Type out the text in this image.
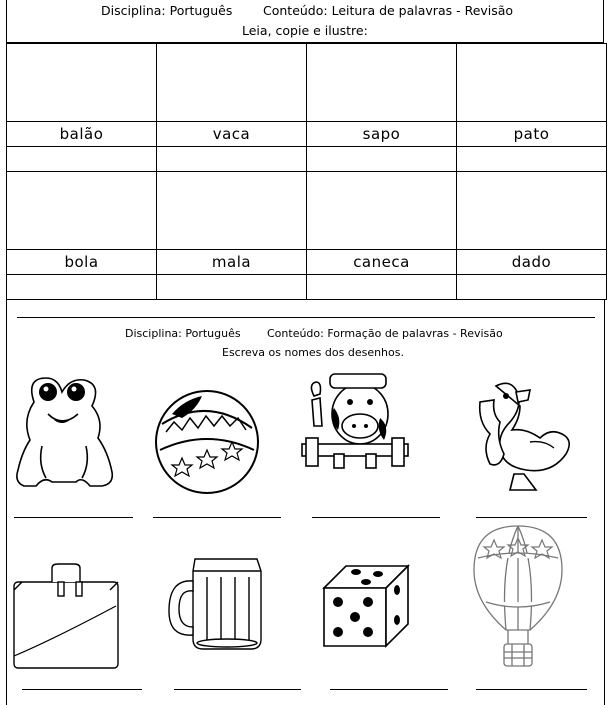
Disciplina: Português Conteúdo: Leitura de palavras - Revisão
Leia, copie e ilustre:

balão	vaca	sapo	pato

bola	mala	caneca	dado

Disciplina: Português Conteúdo: Formação de palavras - Revisão
Escreva os nomes dos desenhos.
